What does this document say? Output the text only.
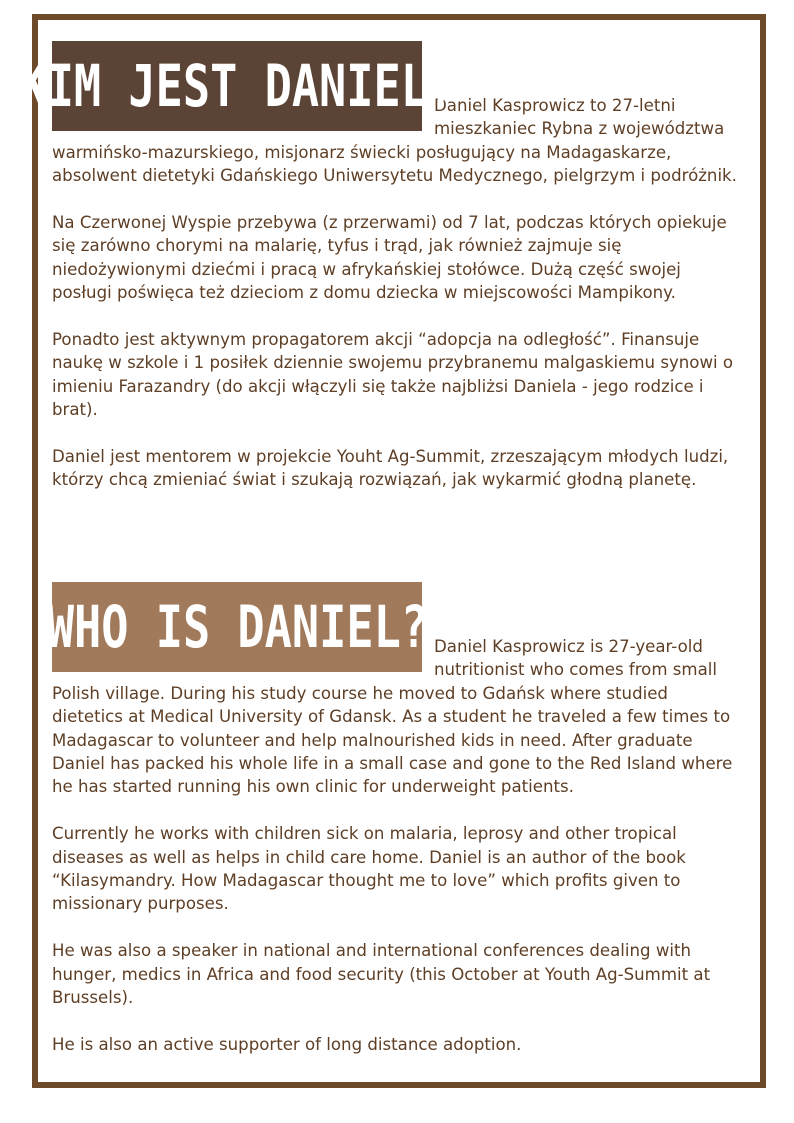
KIM JEST DANIEL?

Daniel Kasprowicz to 27-letni mieszkaniec Rybna z województwa warmińsko-mazurskiego, misjonarz świecki posługujący na Madagaskarze, absolwent dietetyki Gdańskiego Uniwersytetu Medycznego, pielgrzym i podróżnik.

Na Czerwonej Wyspie przebywa (z przerwami) od 7 lat, podczas których opiekuje się zarówno chorymi na malarię, tyfus i trąd, jak również zajmuje się niedożywionymi dziećmi i pracą w afrykańskiej stołówce. Dużą część swojej posługi poświęca też dzieciom z domu dziecka w miejscowości Mampikony.

Ponadto jest aktywnym propagatorem akcji “adopcja na odległość”. Finansuje naukę w szkole i 1 posiłek dziennie swojemu przybranemu malgaskiemu synowi o imieniu Farazandry (do akcji włączyli się także najbliżsi Daniela - jego rodzice i brat).

Daniel jest mentorem w projekcie Youht Ag-Summit, zrzeszającym młodych ludzi, którzy chcą zmieniać świat i szukają rozwiązań, jak wykarmić głodną planetę.

WHO IS DANIEL? Daniel Kasprowicz is 27-year-old nutritionist who comes from small Polish village. During his study course he moved to Gdańsk where studied dietetics at Medical University of Gdansk. As a student he traveled a few times to Madagascar to volunteer and help malnourished kids in need. After graduate Daniel has packed his whole life in a small case and gone to the Red Island where he has started running his own clinic for underweight patients.

Currently he works with children sick on malaria, leprosy and other tropical diseases as well as helps in child care home. Daniel is an author of the book “Kilasymandry. How Madagascar thought me to love” which profits given to missionary purposes.

He was also a speaker in national and international conferences dealing with hunger, medics in Africa and food security (this October at Youth Ag-Summit at Brussels).

He is also an active supporter of long distance adoption.
